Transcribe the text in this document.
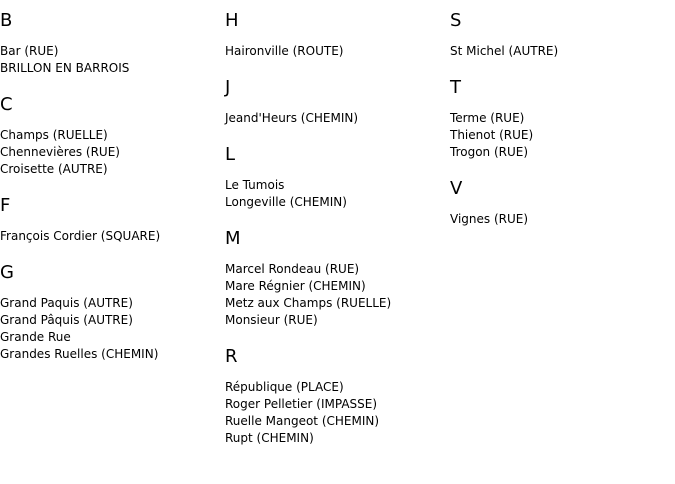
B
Bar (RUE)
BRILLON EN BARROIS
C
Champs (RUELLE)
Chennevières (RUE)
Croisette (AUTRE)
F
François Cordier (SQUARE)
G
Grand Paquis (AUTRE)
Grand Pâquis (AUTRE)
Grande Rue
Grandes Ruelles (CHEMIN)
H
Haironville (ROUTE)
J
Jeand'Heurs (CHEMIN)
L
Le Tumois
Longeville (CHEMIN)
M
Marcel Rondeau (RUE)
Mare Régnier (CHEMIN)
Metz aux Champs (RUELLE)
Monsieur (RUE)
R
République (PLACE)
Roger Pelletier (IMPASSE)
Ruelle Mangeot (CHEMIN)
Rupt (CHEMIN)
S
St Michel (AUTRE)
T
Terme (RUE)
Thienot (RUE)
Trogon (RUE)
V
Vignes (RUE)
